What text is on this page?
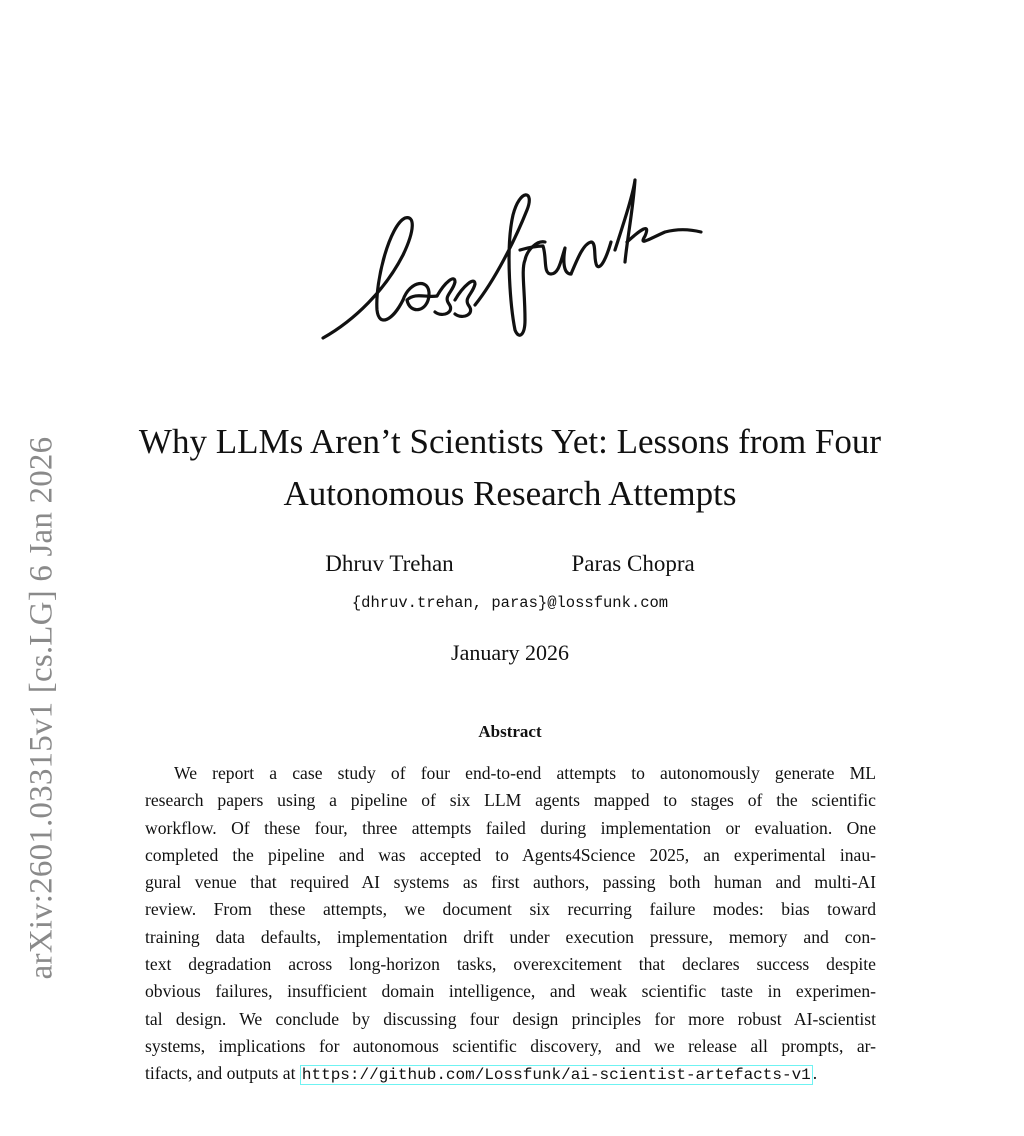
arXiv:2601.03315v1 [cs.LG] 6 Jan 2026	Why LLMs Aren’t Scientists Yet: Lessons from Four
Autonomous Research Attempts
Dhruv Trehan	Paras Chopra
{dhruv.trehan, paras}@lossfunk.com
January 2026
Abstract
We report a case study of four end-to-end attempts to autonomously generate ML
research papers using a pipeline of six LLM agents mapped to stages of the scientific
workflow. Of these four, three attempts failed during implementation or evaluation. One
completed the pipeline and was accepted to Agents4Science 2025, an experimental inau-
gural venue that required AI systems as first authors, passing both human and multi-AI
review. From these attempts, we document six recurring failure modes: bias toward
training data defaults, implementation drift under execution pressure, memory and con-
text degradation across long-horizon tasks, overexcitement that declares success despite
obvious failures, insufficient domain intelligence, and weak scientific taste in experimen-
tal design. We conclude by discussing four design principles for more robust AI-scientist
systems, implications for autonomous scientific discovery, and we release all prompts, ar-
tifacts, and outputs at https://github.com/Lossfunk/ai-scientist-artefacts-v1 .
